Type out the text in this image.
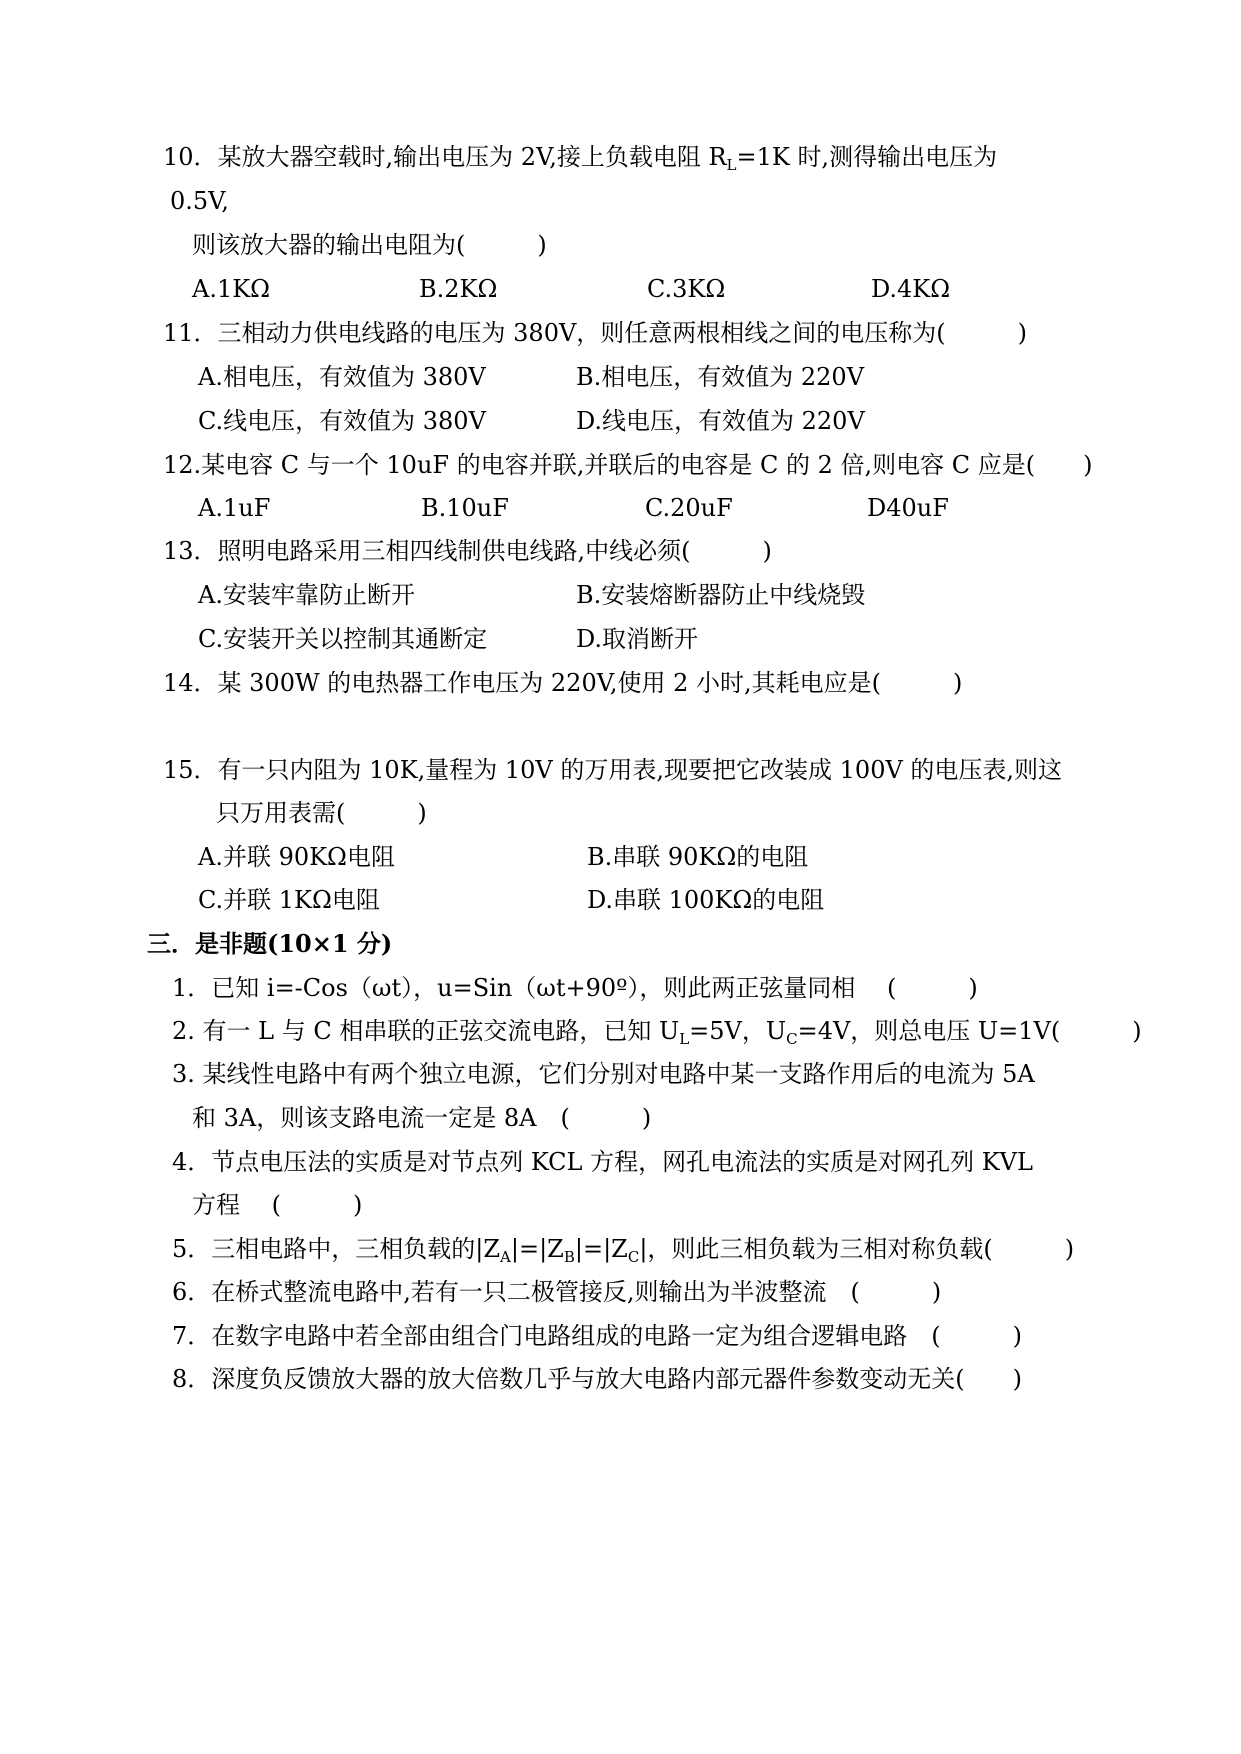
10．某放大器空载时,输出电压为 2V,接上负载电阻 $R_L=1K$ 时,测得输出电压为
0.5V,
则该放大器的输出电阻为(　　　)
A.1KΩ	B.2KΩ	C.3KΩ	D.4KΩ
11．三相动力供电线路的电压为 380V，则任意两根相线之间的电压称为(　　　)
A.相电压，有效值为 380V	B.相电压，有效值为 220V
C.线电压，有效值为 380V	D.线电压，有效值为 220V
12.某电容 C 与一个 10uF 的电容并联,并联后的电容是 C 的 2 倍,则电容 C 应是(　　)
A.1uF	B.10uF	C.20uF	D40uF
13．照明电路采用三相四线制供电线路,中线必须(　　　)
A.安装牢靠防止断开	B.安装熔断器防止中线烧毁
C.安装开关以控制其通断定	D.取消断开
14．某 300W 的电热器工作电压为 220V,使用 2 小时,其耗电应是(　　　)
15．有一只内阻为 10K,量程为 10V 的万用表,现要把它改装成 100V 的电压表,则这
只万用表需(　　　)
A.并联 90KΩ电阻	B.串联 90KΩ的电阻
C.并联 1KΩ电阻	D.串联 100KΩ的电阻
三．是非题(10×1 分)
1．已知 i=-Cos（ωt），u=Sin（ωt+90º），则此两正弦量同相　 (　　　)
2. 有一 L 与 C 相串联的正弦交流电路，已知 $U_L=5V$，$U_C=4V$，则总电压 U=1V(　　　)
3. 某线性电路中有两个独立电源，它们分别对电路中某一支路作用后的电流为 5A
和 3A，则该支路电流一定是 8A　(　　　)
4．节点电压法的实质是对节点列 KCL 方程，网孔电流法的实质是对网孔列 KVL
方程　 (　　　)
5．三相电路中，三相负载的$|Z_A|=|Z_B|=|Z_C|$，则此三相负载为三相对称负载(　　　)
6．在桥式整流电路中,若有一只二极管接反,则输出为半波整流　(　　　)
7．在数字电路中若全部由组合门电路组成的电路一定为组合逻辑电路　(　　　)
8．深度负反馈放大器的放大倍数几乎与放大电路内部元器件参数变动无关(　　)
